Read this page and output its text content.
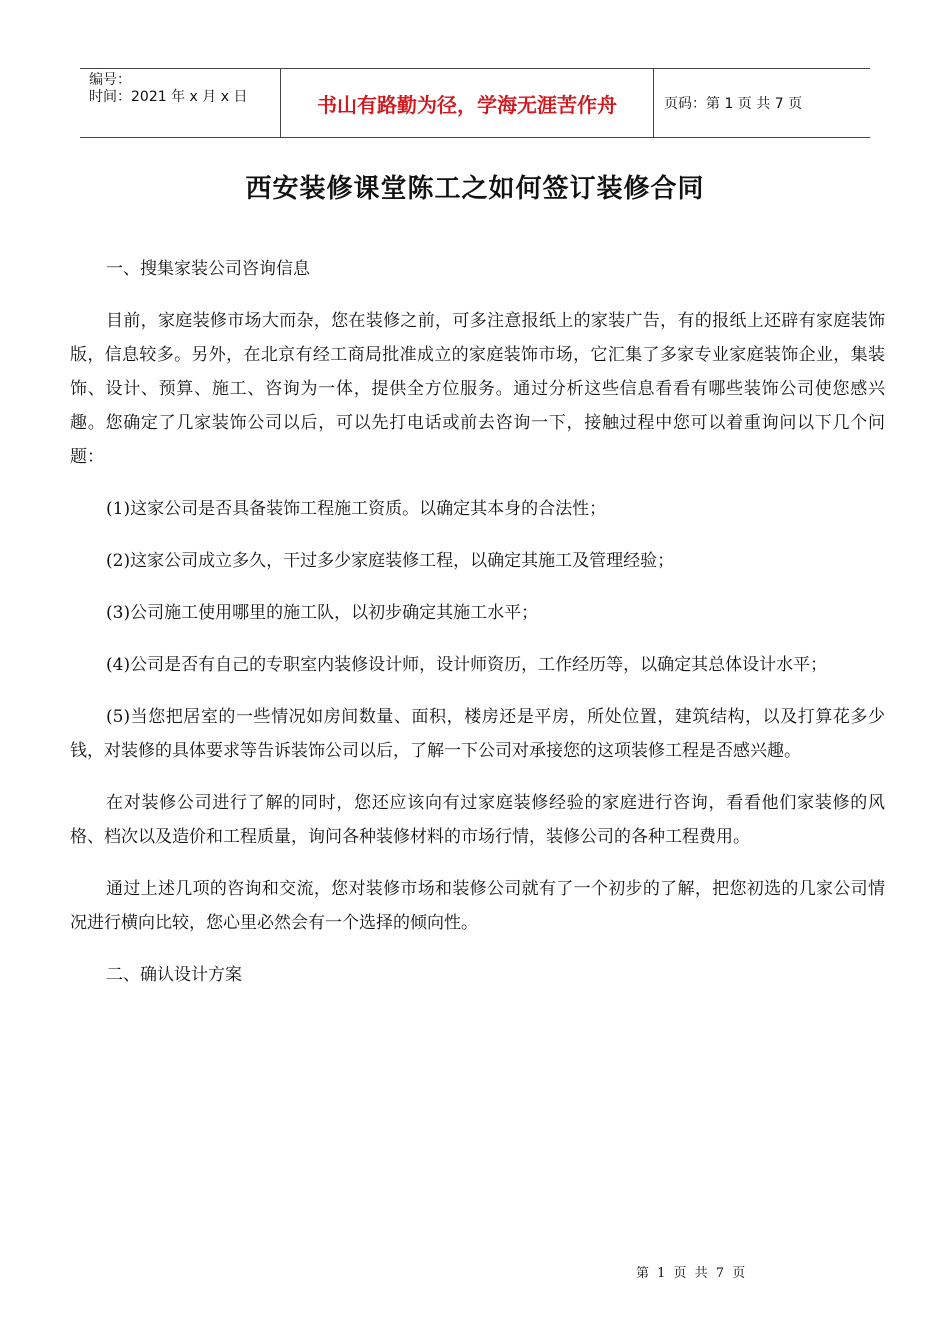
编号：
时间：2021 年 x 月 x 日	书山有路勤为径，学海无涯苦作舟	页码：第 1 页 共 7 页
西安装修课堂陈工之如何签订装修合同

一、搜集家装公司咨询信息

目前，家庭装修市场大而杂，您在装修之前，可多注意报纸上的家装广告，有的报纸上还辟有家庭装饰版，信息较多。另外，在北京有经工商局批准成立的家庭装饰市场，它汇集了多家专业家庭装饰企业，集装饰、设计、预算、施工、咨询为一体，提供全方位服务。通过分析这些信息看看有哪些装饰公司使您感兴趣。您确定了几家装饰公司以后，可以先打电话或前去咨询一下，接触过程中您可以着重询问以下几个问题：

(1)这家公司是否具备装饰工程施工资质。以确定其本身的合法性；

(2)这家公司成立多久，干过多少家庭装修工程，以确定其施工及管理经验；

(3)公司施工使用哪里的施工队，以初步确定其施工水平；

(4)公司是否有自己的专职室内装修设计师，设计师资历，工作经历等，以确定其总体设计水平；

(5)当您把居室的一些情况如房间数量、面积，楼房还是平房，所处位置，建筑结构，以及打算花多少钱，对装修的具体要求等告诉装饰公司以后，了解一下公司对承接您的这项装修工程是否感兴趣。

在对装修公司进行了解的同时，您还应该向有过家庭装修经验的家庭进行咨询，看看他们家装修的风格、档次以及造价和工程质量，询问各种装修材料的市场行情，装修公司的各种工程费用。

通过上述几项的咨询和交流，您对装修市场和装修公司就有了一个初步的了解，把您初选的几家公司情况进行横向比较，您心里必然会有一个选择的倾向性。

二、确认设计方案

第 1 页 共 7 页
